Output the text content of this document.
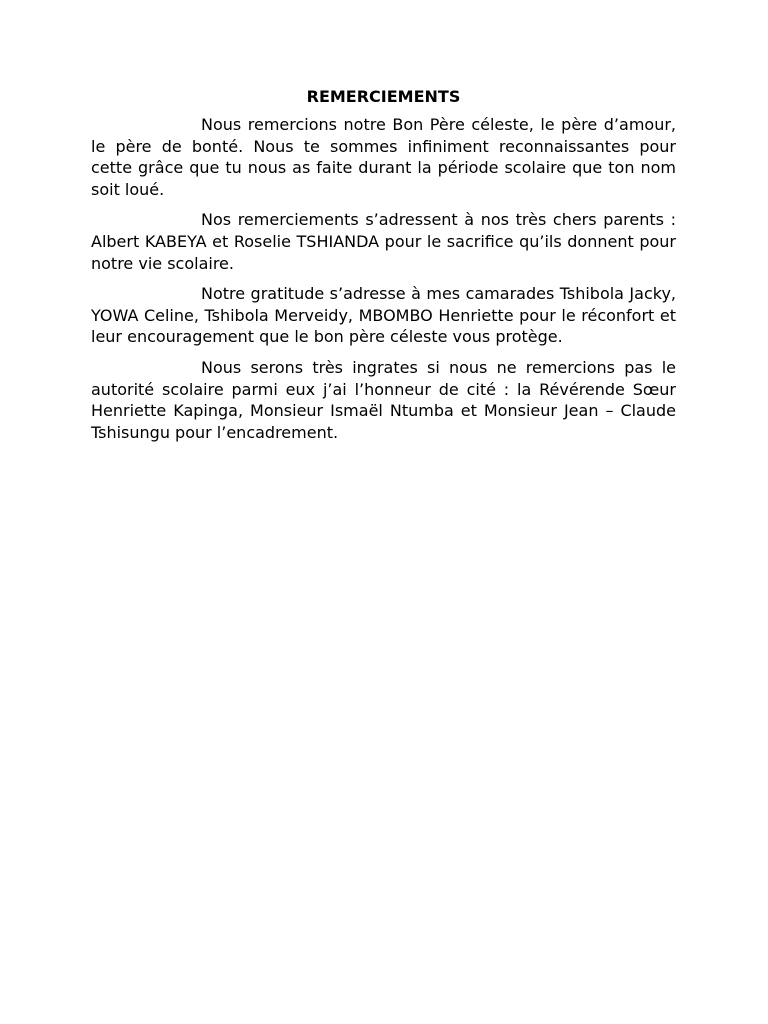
REMERCIEMENTS

Nous remercions notre Bon Père céleste, le père d’amour, le père de bonté. Nous te sommes infiniment reconnaissantes pour cette grâce que tu nous as faite durant la période scolaire que ton nom soit loué.

Nos remerciements s’adressent à nos très chers parents : Albert KABEYA et Roselie TSHIANDA pour le sacrifice qu’ils donnent pour notre vie scolaire.

Notre gratitude s’adresse à mes camarades Tshibola Jacky, YOWA Celine, Tshibola Merveidy, MBOMBO Henriette pour le réconfort et leur encouragement que le bon père céleste vous protège.

Nous serons très ingrates si nous ne remercions pas le autorité scolaire parmi eux j’ai l’honneur de cité : la Révérende Sœur Henriette Kapinga, Monsieur Ismaël Ntumba et Monsieur Jean – Claude Tshisungu pour l’encadrement.
